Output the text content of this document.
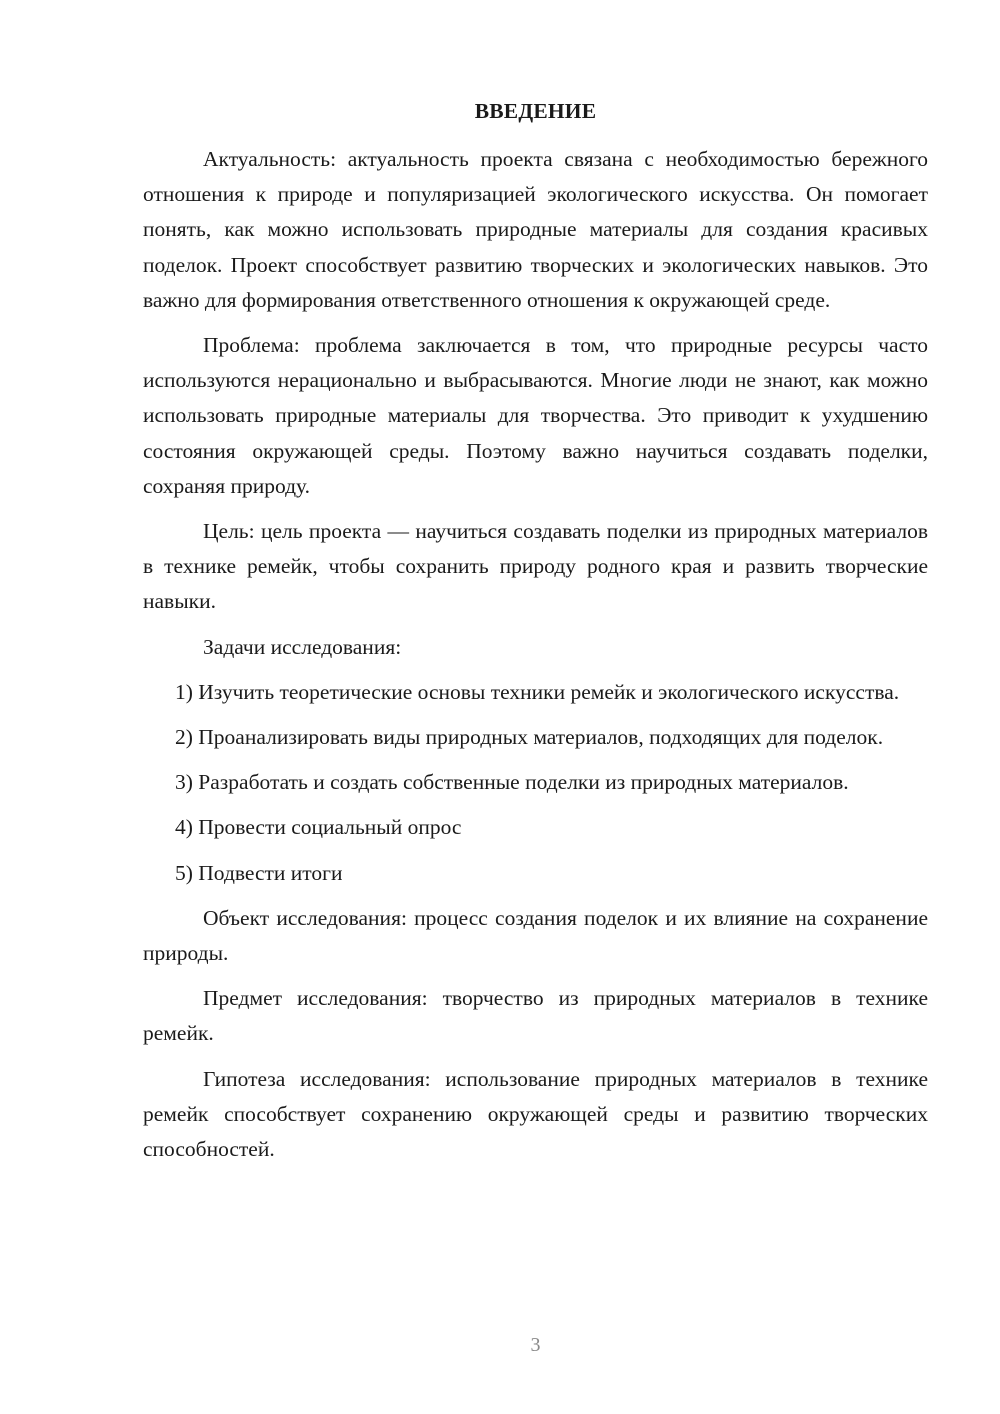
ВВЕДЕНИЕ

Актуальность: актуальность проекта связана с необходимостью бережного отношения к природе и популяризацией экологического искусства. Он помогает понять, как можно использовать природные материалы для создания красивых поделок. Проект способствует развитию творческих и экологических навыков. Это важно для формирования ответственного отношения к окружающей среде.

Проблема: проблема заключается в том, что природные ресурсы часто используются нерационально и выбрасываются. Многие люди не знают, как можно использовать природные материалы для творчества. Это приводит к ухудшению состояния окружающей среды. Поэтому важно научиться создавать поделки, сохраняя природу.

Цель: цель проекта — научиться создавать поделки из природных материалов в технике ремейк, чтобы сохранить природу родного края и развить творческие навыки.

Задачи исследования:

1) Изучить теоретические основы техники ремейк и экологического искусства.

2) Проанализировать виды природных материалов, подходящих для поделок.

3) Разработать и создать собственные поделки из природных материалов.

4) Провести социальный опрос

5) Подвести итоги

Объект исследования: процесс создания поделок и их влияние на сохранение природы.

Предмет исследования: творчество из природных материалов в технике ремейк.

Гипотеза исследования: использование природных материалов в технике ремейк способствует сохранению окружающей среды и развитию творческих способностей.

3
